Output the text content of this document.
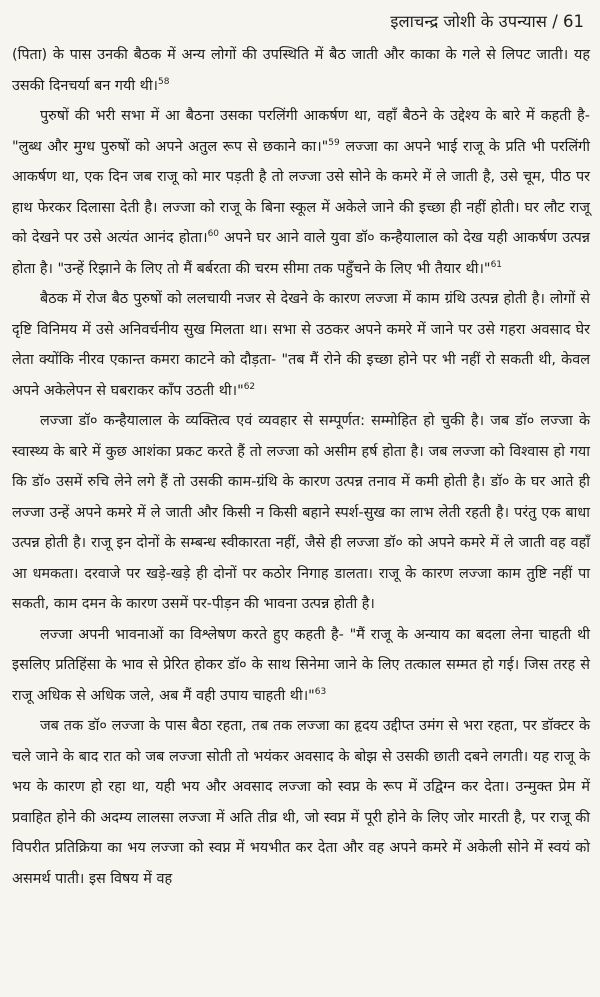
इलाचन्द्र जोशी के उपन्यास / 61

(पिता) के पास उनकी बैठक में अन्य लोगों की उपस्थिति में बैठ जाती और काका के गले से लिपट जाती। यह उसकी दिनचर्या बन गयी थी।$^{58}$

पुरुषों की भरी सभा में आ बैठना उसका परलिंगी आकर्षण था, वहाँ बैठने के उद्देश्य के बारे में कहती है- "लुब्ध और मुग्ध पुरुषों को अपने अतुल रूप से छकाने का।"$^{59}$ लज्जा का अपने भाई राजू के प्रति भी परलिंगी आकर्षण था, एक दिन जब राजू को मार पड़ती है तो लज्जा उसे सोने के कमरे में ले जाती है, उसे चूम, पीठ पर हाथ फेरकर दिलासा देती है। लज्जा को राजू के बिना स्कूल में अकेले जाने की इच्छा ही नहीं होती। घर लौट राजू को देखने पर उसे अत्यंत आनंद होता।$^{60}$ अपने घर आने वाले युवा डॉ० कन्हैयालाल को देख यही आकर्षण उत्पन्न होता है। "उन्हें रिझाने के लिए तो मैं बर्बरता की चरम सीमा तक पहुँचने के लिए भी तैयार थी।"$^{61}$

बैठक में रोज बैठ पुरुषों को ललचायी नजर से देखने के कारण लज्जा में काम ग्रंथि उत्पन्न होती है। लोगों से दृष्टि विनिमय में उसे अनिवर्चनीय सुख मिलता था। सभा से उठकर अपने कमरे में जाने पर उसे गहरा अवसाद घेर लेता क्योंकि नीरव एकान्त कमरा काटने को दौड़ता- "तब मैं रोने की इच्छा होने पर भी नहीं रो सकती थी, केवल अपने अकेलेपन से घबराकर काँप उठती थी।"$^{62}$

लज्जा डॉ० कन्हैयालाल के व्यक्तित्व एवं व्यवहार से सम्पूर्णत: सम्मोहित हो चुकी है। जब डॉ० लज्जा के स्वास्थ्य के बारे में कुछ आशंका प्रकट करते हैं तो लज्जा को असीम हर्ष होता है। जब लज्जा को विश्वास हो गया कि डॉ० उसमें रुचि लेने लगे हैं तो उसकी काम-ग्रंथि के कारण उत्पन्न तनाव में कमी होती है। डॉ० के घर आते ही लज्जा उन्हें अपने कमरे में ले जाती और किसी न किसी बहाने स्पर्श-सुख का लाभ लेती रहती है। परंतु एक बाधा उत्पन्न होती है। राजू इन दोनों के सम्बन्ध स्वीकारता नहीं, जैसे ही लज्जा डॉ० को अपने कमरे में ले जाती वह वहाँ आ धमकता। दरवाजे पर खड़े-खड़े ही दोनों पर कठोर निगाह डालता। राजू के कारण लज्जा काम तुष्टि नहीं पा सकती, काम दमन के कारण उसमें पर-पीड़न की भावना उत्पन्न होती है।

लज्जा अपनी भावनाओं का विश्लेषण करते हुए कहती है- "मैं राजू के अन्याय का बदला लेना चाहती थी इसलिए प्रतिहिंसा के भाव से प्रेरित होकर डॉ० के साथ सिनेमा जाने के लिए तत्काल सम्मत हो गई। जिस तरह से राजू अधिक से अधिक जले, अब मैं वही उपाय चाहती थी।"$^{63}$

जब तक डॉ० लज्जा के पास बैठा रहता, तब तक लज्जा का हृदय उद्दीप्त उमंग से भरा रहता, पर डॉक्टर के चले जाने के बाद रात को जब लज्जा सोती तो भयंकर अवसाद के बोझ से उसकी छाती दबने लगती। यह राजू के भय के कारण हो रहा था, यही भय और अवसाद लज्जा को स्वप्न के रूप में उद्विग्न कर देता। उन्मुक्त प्रेम में प्रवाहित होने की अदम्य लालसा लज्जा में अति तीव्र थी, जो स्वप्न में पूरी होने के लिए जोर मारती है, पर राजू की विपरीत प्रतिक्रिया का भय लज्जा को स्वप्न में भयभीत कर देता और वह अपने कमरे में अकेली सोने में स्वयं को असमर्थ पाती। इस विषय में वह
